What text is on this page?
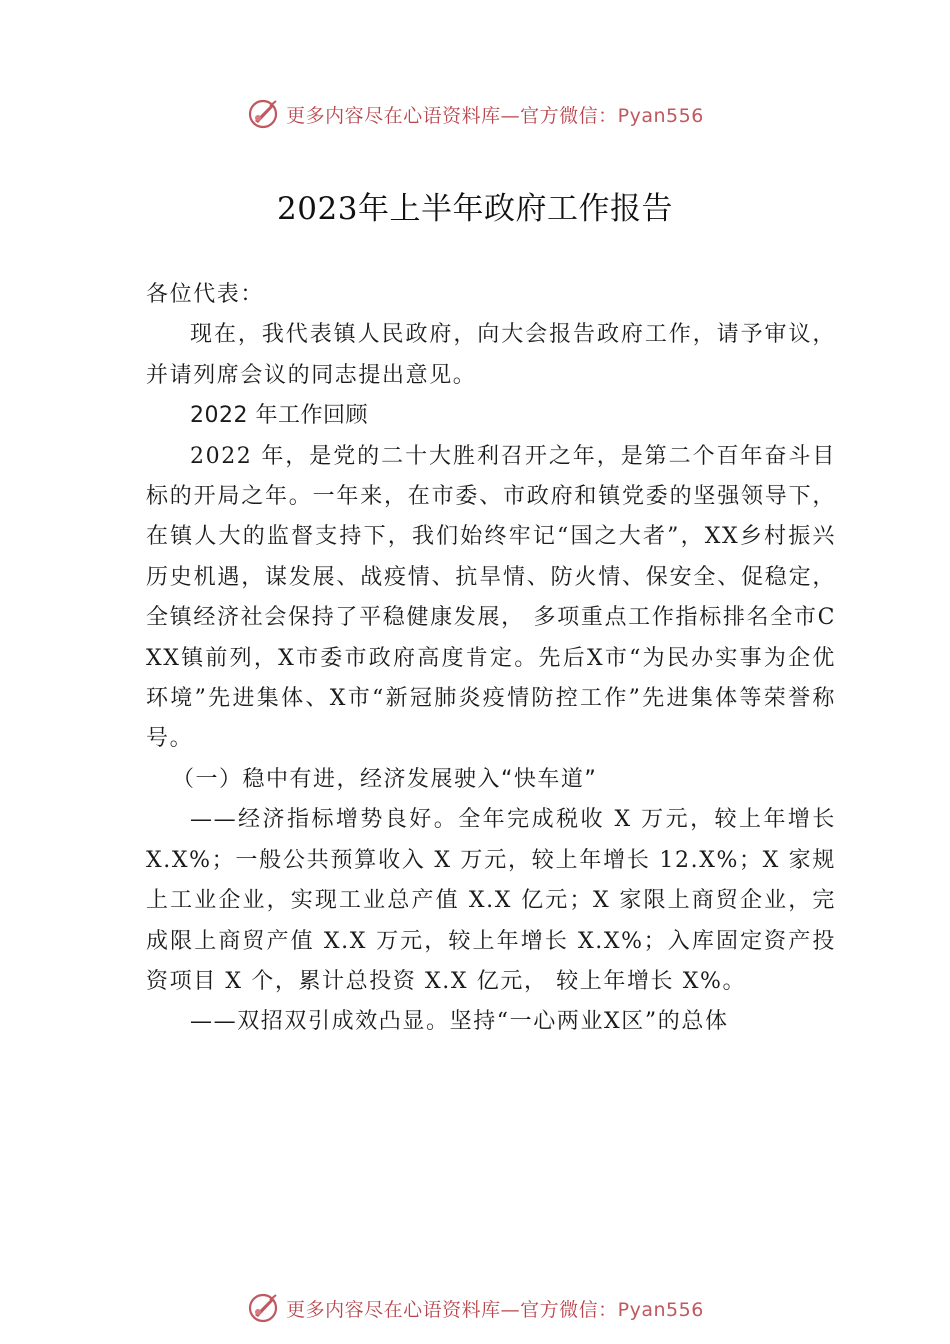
更多内容尽在心语资料库—官方微信：Pyan556
2023年上半年政府工作报告

各位代表：

现在，我代表镇人民政府，向大会报告政府工作，请予审议，并请列席会议的同志提出意见。

2022 年工作回顾

2022 年，是党的二十大胜利召开之年，是第二个百年奋斗目标的开局之年。一年来，在市委、市政府和镇党委的坚强领导下，在镇人大的监督支持下，我们始终牢记“国之大者”，XX乡村振兴历史机遇，谋发展、战疫情、抗旱情、防火情、保安全、促稳定，全镇经济社会保持了平稳健康发展， 多项重点工作指标排名全市C XX镇前列，X市委市政府高度肯定。先后X市“为民办实事为企优环境”先进集体、X市“新冠肺炎疫情防控工作”先进集体等荣誉称号。

（一）稳中有进，经济发展驶入“快车道”

——经济指标增势良好。全年完成税收 X 万元，较上年增长 X.X%；一般公共预算收入 X 万元，较上年增长 12.X%；X 家规上工业企业，实现工业总产值 X.X 亿元；X 家限上商贸企业，完成限上商贸产值 X.X 万元，较上年增长 X.X%；入库固定资产投资项目 X 个，累计总投资 X.X 亿元， 较上年增长 X%。

——双招双引成效凸显。坚持“一⼼两业X区”的总体

更多内容尽在心语资料库—官方微信：Pyan556
